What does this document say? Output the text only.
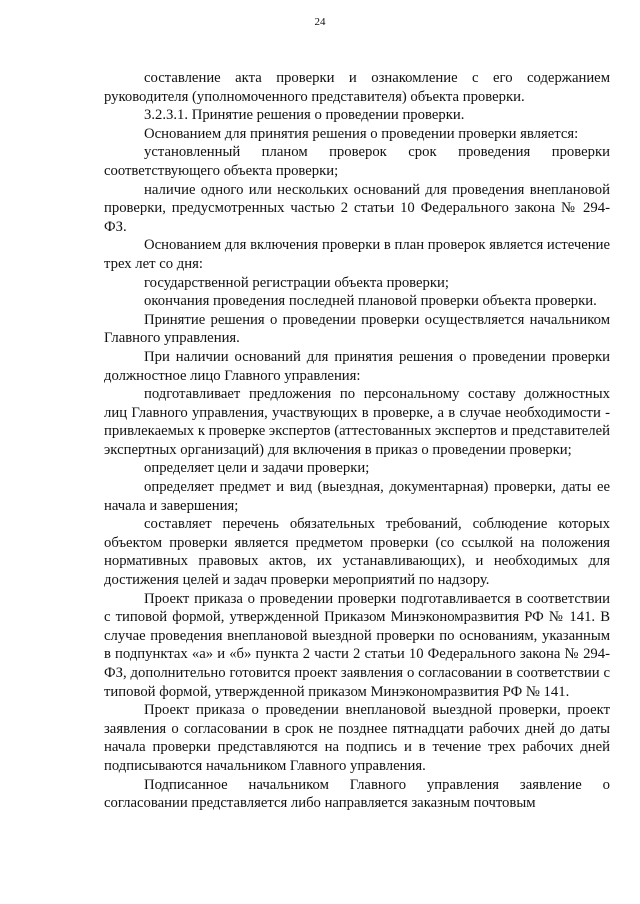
24

составление акта проверки и ознакомление с его содержанием руководителя (уполномоченного представителя) объекта проверки.

3.2.3.1. Принятие решения о проведении проверки.

Основанием для принятия решения о проведении проверки является:

установленный планом проверок срок проведения проверки соответствующего объекта проверки;

наличие одного или нескольких оснований для проведения внеплановой проверки, предусмотренных частью 2 статьи 10 Федерального закона № 294-ФЗ.

Основанием для включения проверки в план проверок является истечение трех лет со дня:

государственной регистрации объекта проверки;

окончания проведения последней плановой проверки объекта проверки.

Принятие решения о проведении проверки осуществляется начальником Главного управления.

При наличии оснований для принятия решения о проведении проверки должностное лицо Главного управления:

подготавливает предложения по персональному составу должностных лиц Главного управления, участвующих в проверке, а в случае необходимости - привлекаемых к проверке экспертов (аттестованных экспертов и представителей экспертных организаций) для включения в приказ о проведении проверки;

определяет цели и задачи проверки;

определяет предмет и вид (выездная, документарная) проверки, даты ее начала и завершения;

составляет перечень обязательных требований, соблюдение которых объектом проверки является предметом проверки (со ссылкой на положения нормативных правовых актов, их устанавливающих), и необходимых для достижения целей и задач проверки мероприятий по надзору.

Проект приказа о проведении проверки подготавливается в соответствии с типовой формой, утвержденной Приказом Минэкономразвития РФ № 141. В случае проведения внеплановой выездной проверки по основаниям, указанным в подпунктах «а» и «б» пункта 2 части 2 статьи 10 Федерального закона № 294-ФЗ, дополнительно готовится проект заявления о согласовании в соответствии с типовой формой, утвержденной приказом Минэкономразвития РФ № 141.

Проект приказа о проведении внеплановой выездной проверки, проект заявления о согласовании в срок не позднее пятнадцати рабочих дней до даты начала проверки представляются на подпись и в течение трех рабочих дней подписываются начальником Главного управления.

Подписанное начальником Главного управления заявление о согласовании представляется либо направляется заказным почтовым
